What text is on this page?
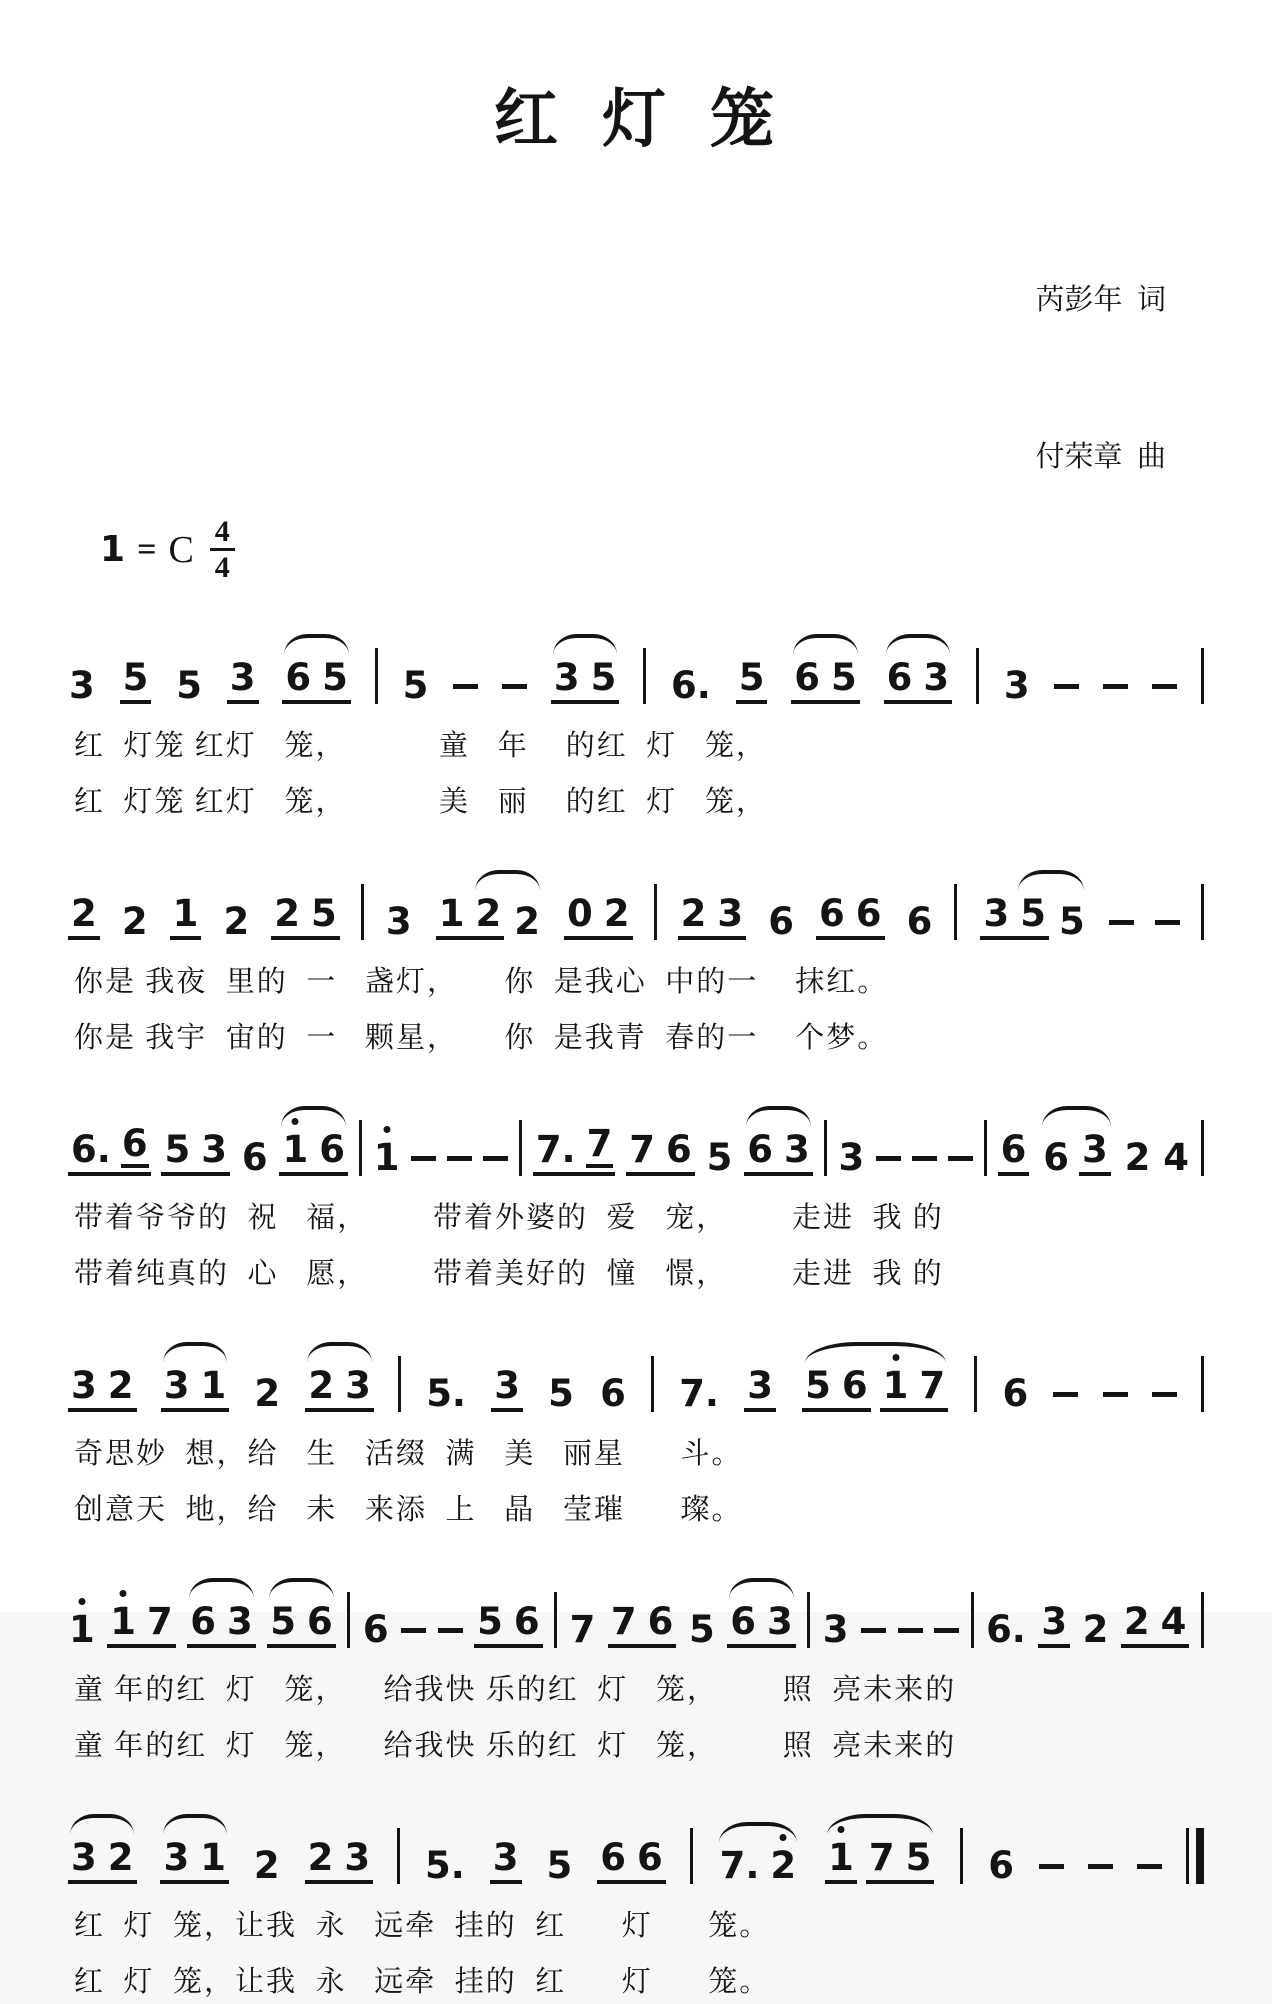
红  灯  笼
1 = C $\frac{4}{4}$

芮彭年  词

付荣章  曲

3 5 5 3 6 5 5	3 5 6. 5 6 5 6 3 3
红  灯笼 红灯   笼，          童   年    的红  灯   笼，
红  灯笼 红灯   笼，          美   丽    的红  灯   笼，
2 2 1 2 2 5 3 1 2 2 0 2 2 3 6 6 6 6 3 5 5
你是 我夜  里的  一   盏灯，     你  是我心  中的一    抹红。
你是 我宇  宙的  一   颗星，     你  是我青  春的一    个梦。
6. 6 5 3 6 1 6 1	7. 7 7 6 5 6 3 3	6 6 3 2 4
带着爷爷的  祝   福，       带着外婆的  爱   宠，       走进  我 的
带着纯真的  心   愿，       带着美好的  憧   憬，       走进  我 的
3 2 3 1 2 2 3 5. 3 5 6 7. 3 5 6 1 7 6
奇思妙  想，给   生   活缀  满   美   丽星      斗。
创意天  地，给   未   来添  上   晶   莹璀      璨。
1 1 7 6 3 5 6 6 5 6 7 7 6 5 6 3 3	6. 3 2 2 4
童 年的红  灯   笼，    给我快 乐的红  灯   笼，       照  亮未来的
童 年的红  灯   笼，    给我快 乐的红  灯   笼，       照  亮未来的
3 2 3 1 2 2 3 5. 3 5 6 6 7. 2 1 7 5 6
红  灯  笼，让我  永   远牵  挂的  红      灯      笼。
红  灯  笼，让我  永   远牵  挂的  红      灯      笼。
